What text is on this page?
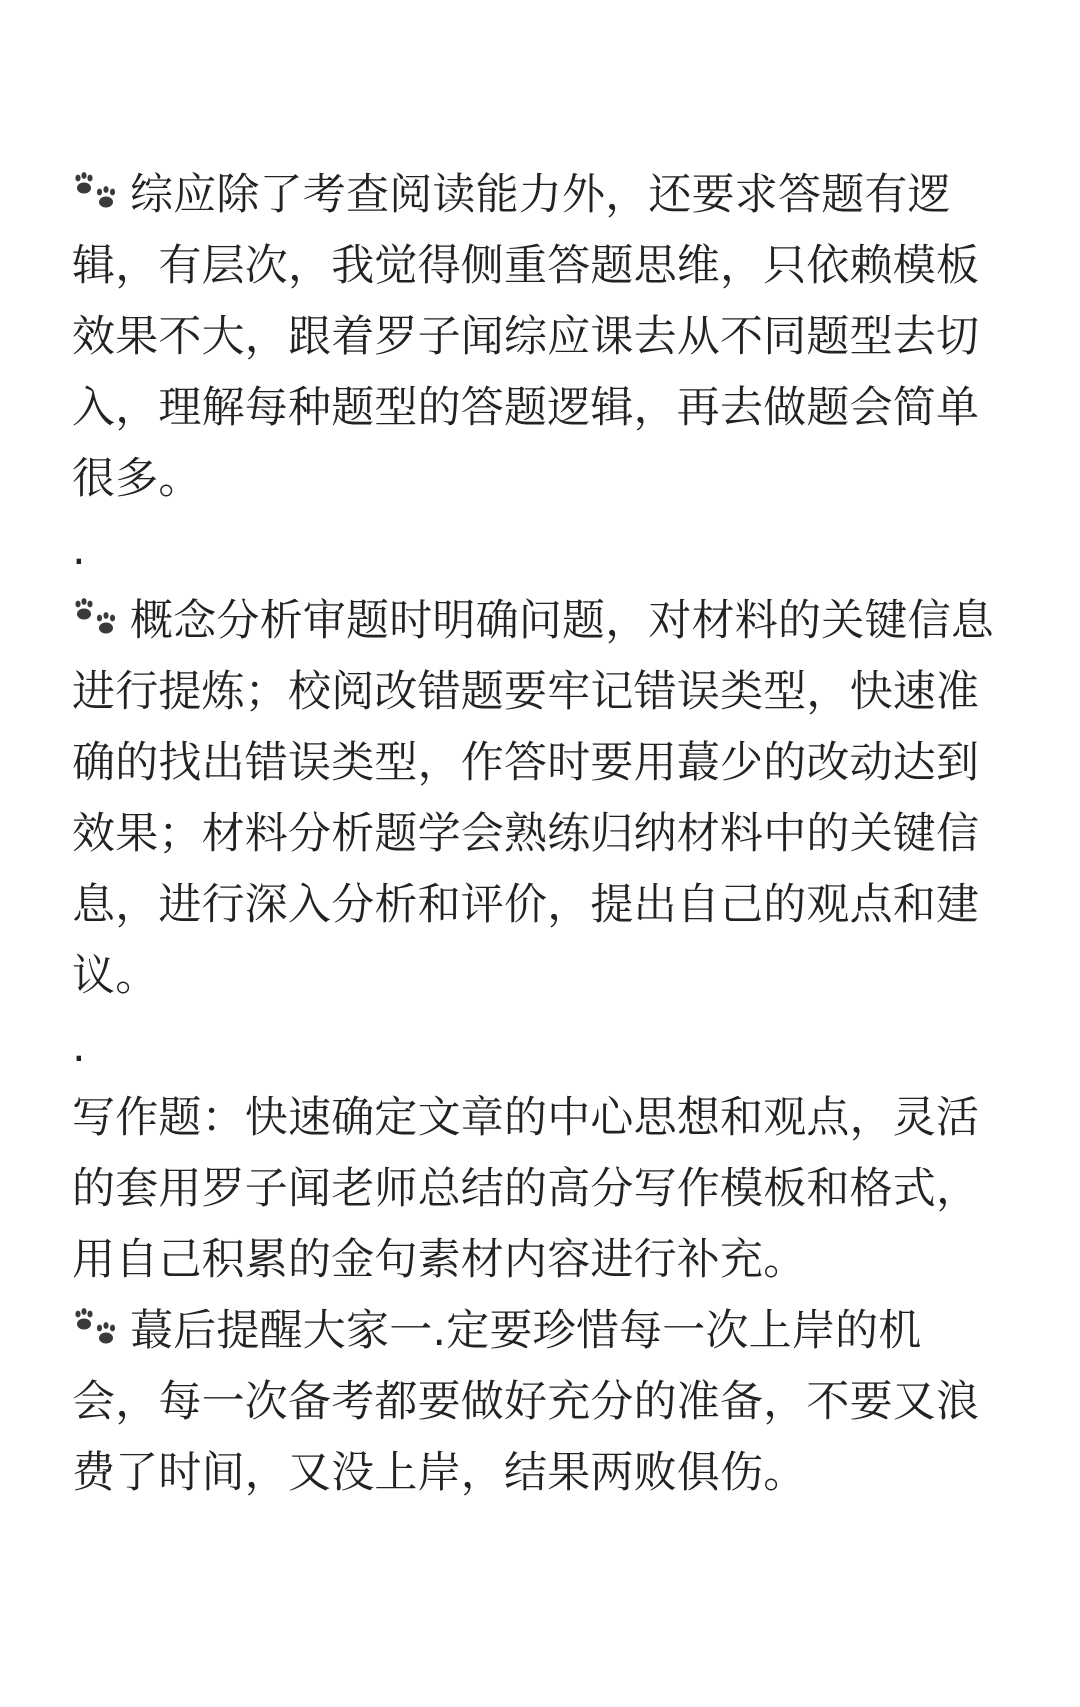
综应除了考查阅读能力外，还要求答题有逻辑，有层次，我觉得侧重答题思维，只依赖模板效果不大，跟着罗子闻综应课去从不同题型去切入，理解每种题型的答题逻辑，再去做题会简单很多。

.

概念分析审题时明确问题，对材料的关键信息进行提炼；校阅改错题要牢记错误类型，快速准确的找出错误类型，作答时要用蕞少的改动达到效果；材料分析题学会熟练归纳材料中的关键信息，进行深入分析和评价，提出自己的观点和建议。

.

写作题：快速确定文章的中心思想和观点，灵活的套用罗子闻老师总结的高分写作模板和格式，用自己积累的金句素材内容进行补充。

蕞后提醒大家一.定要珍惜每一次上岸的机会，每一次备考都要做好充分的准备，不要又浪费了时间，又没上岸，结果两败俱伤。
